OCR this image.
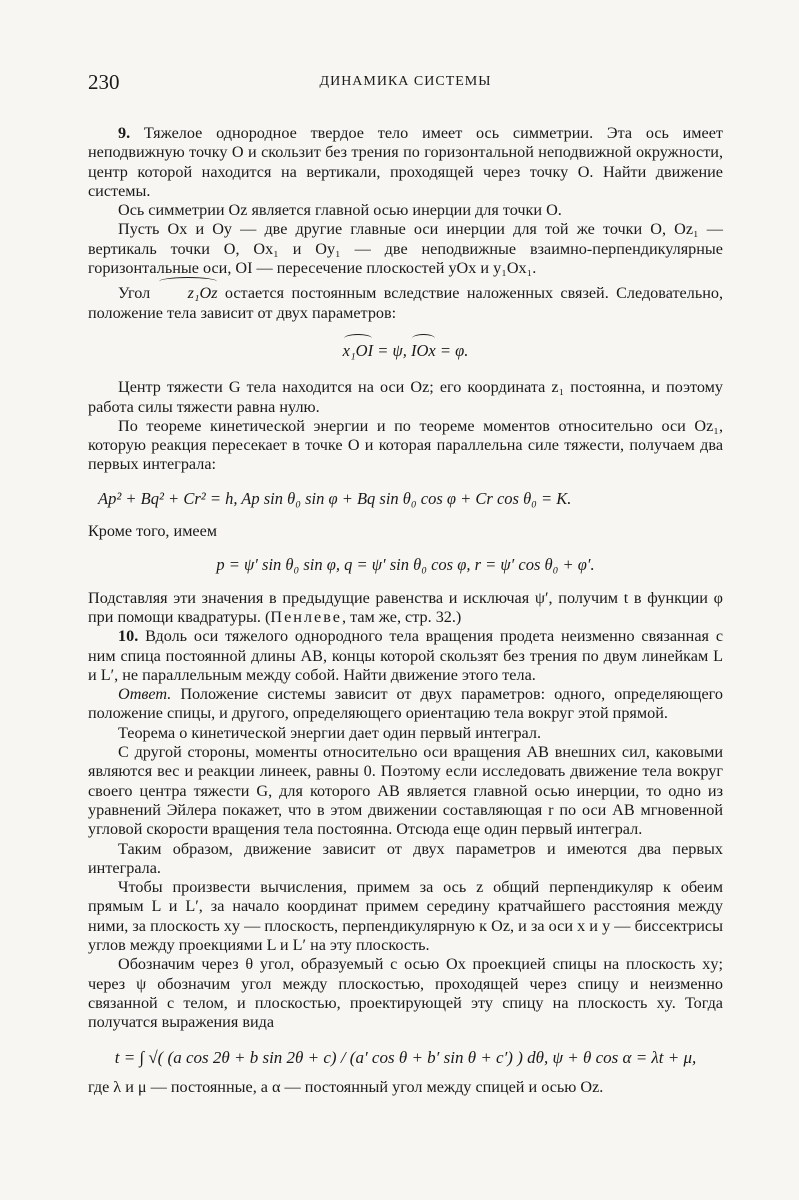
230	ДИНАМИКА СИСТЕМЫ

9. Тяжелое однородное твердое тело имеет ось симметрии. Эта ось имеет неподвижную точку O и скользит без трения по горизонтальной неподвижной окружности, центр которой находится на вертикали, проходящей через точку O. Найти движение системы.

Ось симметрии Oz является главной осью инерции для точки O.

Пусть Ox и Oy — две другие главные оси инерции для той же точки O, Oz₁ — вертикаль точки O, Ox₁ и Oy₁ — две неподвижные взаимно-перпендикулярные горизонтальные оси, OI — пересечение плоскостей yOx и y₁Ox₁.

Угол z₁Oz остается постоянным вследствие наложенных связей. Следовательно, положение тела зависит от двух параметров:

x₁OI = ψ, IOx = φ.

Центр тяжести G тела находится на оси Oz; его координата z₁ постоянна, и поэтому работа силы тяжести равна нулю.

По теореме кинетической энергии и по теореме моментов относительно оси Oz₁, которую реакция пересекает в точке O и которая параллельна силе тяжести, получаем два первых интеграла:

Ap² + Bq² + Cr² = h, Ap sin θ₀ sin φ + Bq sin θ₀ cos φ + Cr cos θ₀ = K.

Кроме того, имеем

p = ψ′ sin θ₀ sin φ, q = ψ′ sin θ₀ cos φ, r = ψ′ cos θ₀ + φ′.

Подставляя эти значения в предыдущие равенства и исключая ψ′, получим t в функции φ при помощи квадратуры. (Пенлеве, там же, стр. 32.)

10. Вдоль оси тяжелого однородного тела вращения продета неизменно связанная с ним спица постоянной длины AB, концы которой скользят без трения по двум линейкам L и L′, не параллельным между собой. Найти движение этого тела.

Ответ. Положение системы зависит от двух параметров: одного, определяющего положение спицы, и другого, определяющего ориентацию тела вокруг этой прямой.

Теорема о кинетической энергии дает один первый интеграл.

С другой стороны, моменты относительно оси вращения AB внешних сил, каковыми являются вес и реакции линеек, равны 0. Поэтому если исследовать движение тела вокруг своего центра тяжести G, для которого AB является главной осью инерции, то одно из уравнений Эйлера покажет, что в этом движении составляющая r по оси AB мгновенной угловой скорости вращения тела постоянна. Отсюда еще один первый интеграл.

Таким образом, движение зависит от двух параметров и имеются два первых интеграла.

Чтобы произвести вычисления, примем за ось z общий перпендикуляр к обеим прямым L и L′, за начало координат примем середину кратчайшего расстояния между ними, за плоскость xy — плоскость, перпендикулярную к Oz, и за оси x и y — биссектрисы углов между проекциями L и L′ на эту плоскость.

Обозначим через θ угол, образуемый с осью Ox проекцией спицы на плоскость xy; через ψ обозначим угол между плоскостью, проходящей через спицу и неизменно связанной с телом, и плоскостью, проектирующей эту спицу на плоскость xy. Тогда получатся выражения вида

t = ∫ √( (a cos 2θ + b sin 2θ + c) / (a′ cos θ + b′ sin θ + c′) ) dθ, ψ + θ cos α = λt + μ,

где λ и μ — постоянные, а α — постоянный угол между спицей и осью Oz.
